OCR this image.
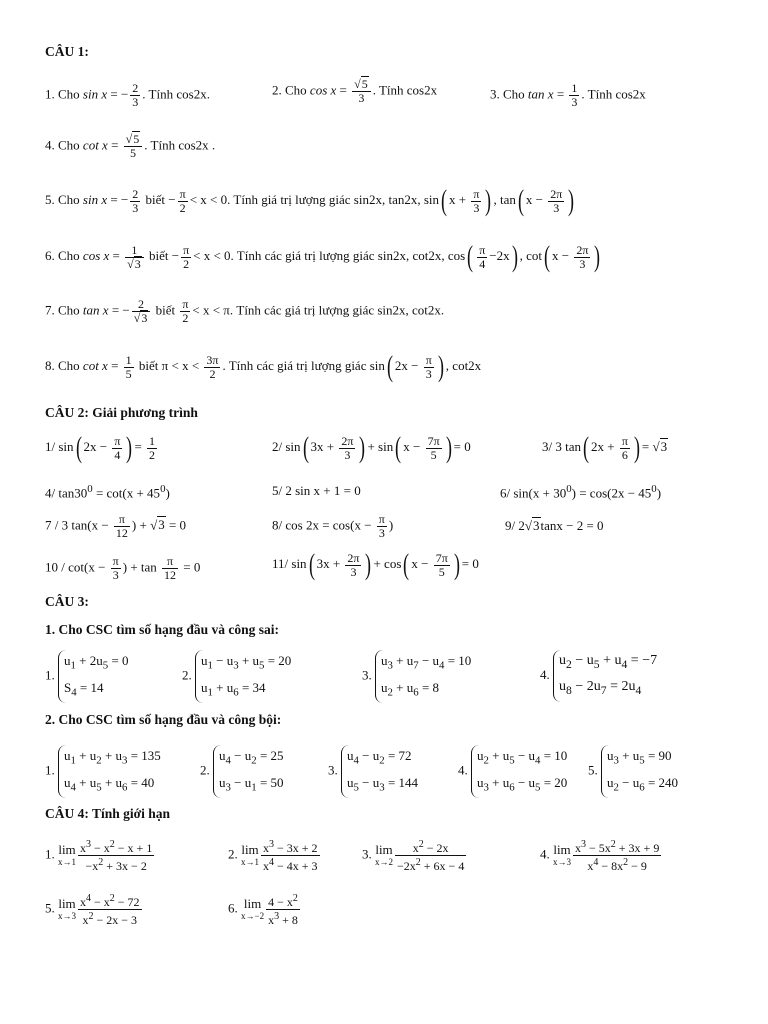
CÂU 1:
1. Cho sin x = − $\frac{2}{3}$ . Tính cos2x.	2. Cho $\cos x = \frac{√5}{3}$ . Tính cos2x	3. Cho $\tan x = \frac{1}{3}$ . Tính cos2x
4. Cho $\cot x = \frac{√5}{5}$ . Tính cos2x .
5. Cho sin x = − $\frac{2}{3}$ biết − $\frac{\pi}{2} < x < 0$. Tính giá trị lượng giác sin2x, tan2x, sin( $x + \frac{\pi}{3}$ ) , tan( $x - \frac{2\pi}{3}$ )
6. Cho $\cos x = \frac{1}{√3}$ biết − $\frac{\pi}{2} < x < 0$. Tính các giá trị lượng giác sin2x, cot2x, $\cos( \frac{\pi}{4} -2x)$ , cot( $x - \frac{2\pi}{3}$ )
7. Cho tan x = − $\frac{2}{√3}$ biết $\frac{\pi}{2} < x < \pi$. Tính các giá trị lượng giác sin2x, cot2x.
8. Cho $\cot x = \frac{1}{5}$ biết $\pi < x < \frac{3\pi}{2}$ . Tính các giá trị lượng giác sin( $2x - \frac{\pi}{3}$ ) , cot2x
CÂU 2: Giải phương trình
1/ sin( $2x - \frac{\pi}{4}$ ) = $\frac{1}{2}$	2/ sin( $3x + \frac{2\pi}{3}$ ) + sin( $x - \frac{7\pi}{5}$ ) = 0	3/ 3 tan( $2x + \frac{\pi}{6}$ ) = √3
4/ $\tan 30^0 = \cot(x + 45^0)$	5/ 2 sin x + 1 = 0	6/ $\sin(x + 30^0) = \cos(2x - 45^0)$
7 / 3 $\tan(x - \frac{\pi}{12}$ ) + √3 = 0	8/ $\cos 2x = \cos(x - \frac{\pi}{3}$ )	9/ 2√3tanx − 2 = 0
$10 / \cot(x - \frac{\pi}{3}$ ) + $\tan \frac{\pi}{12} = 0$	11/ sin( $3x + \frac{2\pi}{3}$ ) + cos( $x - \frac{7\pi}{5}$ ) = 0
CÂU 3:
1. Cho CSC tìm số hạng đầu và công sai:
1.
$u_1 + 2u_5 = 0$
$S_4 = 14$
2.
$u_1 - u_3 + u_5 = 20$
$u_1 + u_6 = 34$
3.
$u_3 + u_7 - u_4 = 10$
$u_2 + u_6 = 8$
4.
$u_2 - u_5 + u_4 = -7$
$u_8 - 2u_7 = 2u_4$
2. Cho CSC tìm số hạng đầu và công bội:
1.
$u_1 + u_2 + u_3 = 135$
$u_4 + u_5 + u_6 = 40$
2.
$u_4 - u_2 = 25$
$u_3 - u_1 = 50$
3.
$u_4 - u_2 = 72$
$u_5 - u_3 = 144$
4.
$u_2 + u_5 - u_4 = 10$
$u_3 + u_6 - u_5 = 20$
5.
$u_3 + u_5 = 90$
$u_2 - u_6 = 240$
CÂU 4: Tính giới hạn
1. lim
$x\to 1 \frac{x^3 - x^2 - x + 1}{-x^2 + 3x - 2}$	2. lim
$x\to 1 \frac{x^3 - 3x + 2}{x^4 - 4x + 3}$	3. lim
$x\to 2 \frac{x^2 - 2x}{-2x^2 + 6x - 4}$	4. lim
$x\to 3 \frac{x^3 - 5x^2 + 3x + 9}{x^4 - 8x^2 - 9}$
5. lim
$x\to 3 \frac{x^4 - x^2 - 72}{x^2 - 2x - 3}$	6. lim
$x\to-2 \frac{4 - x^2}{x^3 + 8}$
